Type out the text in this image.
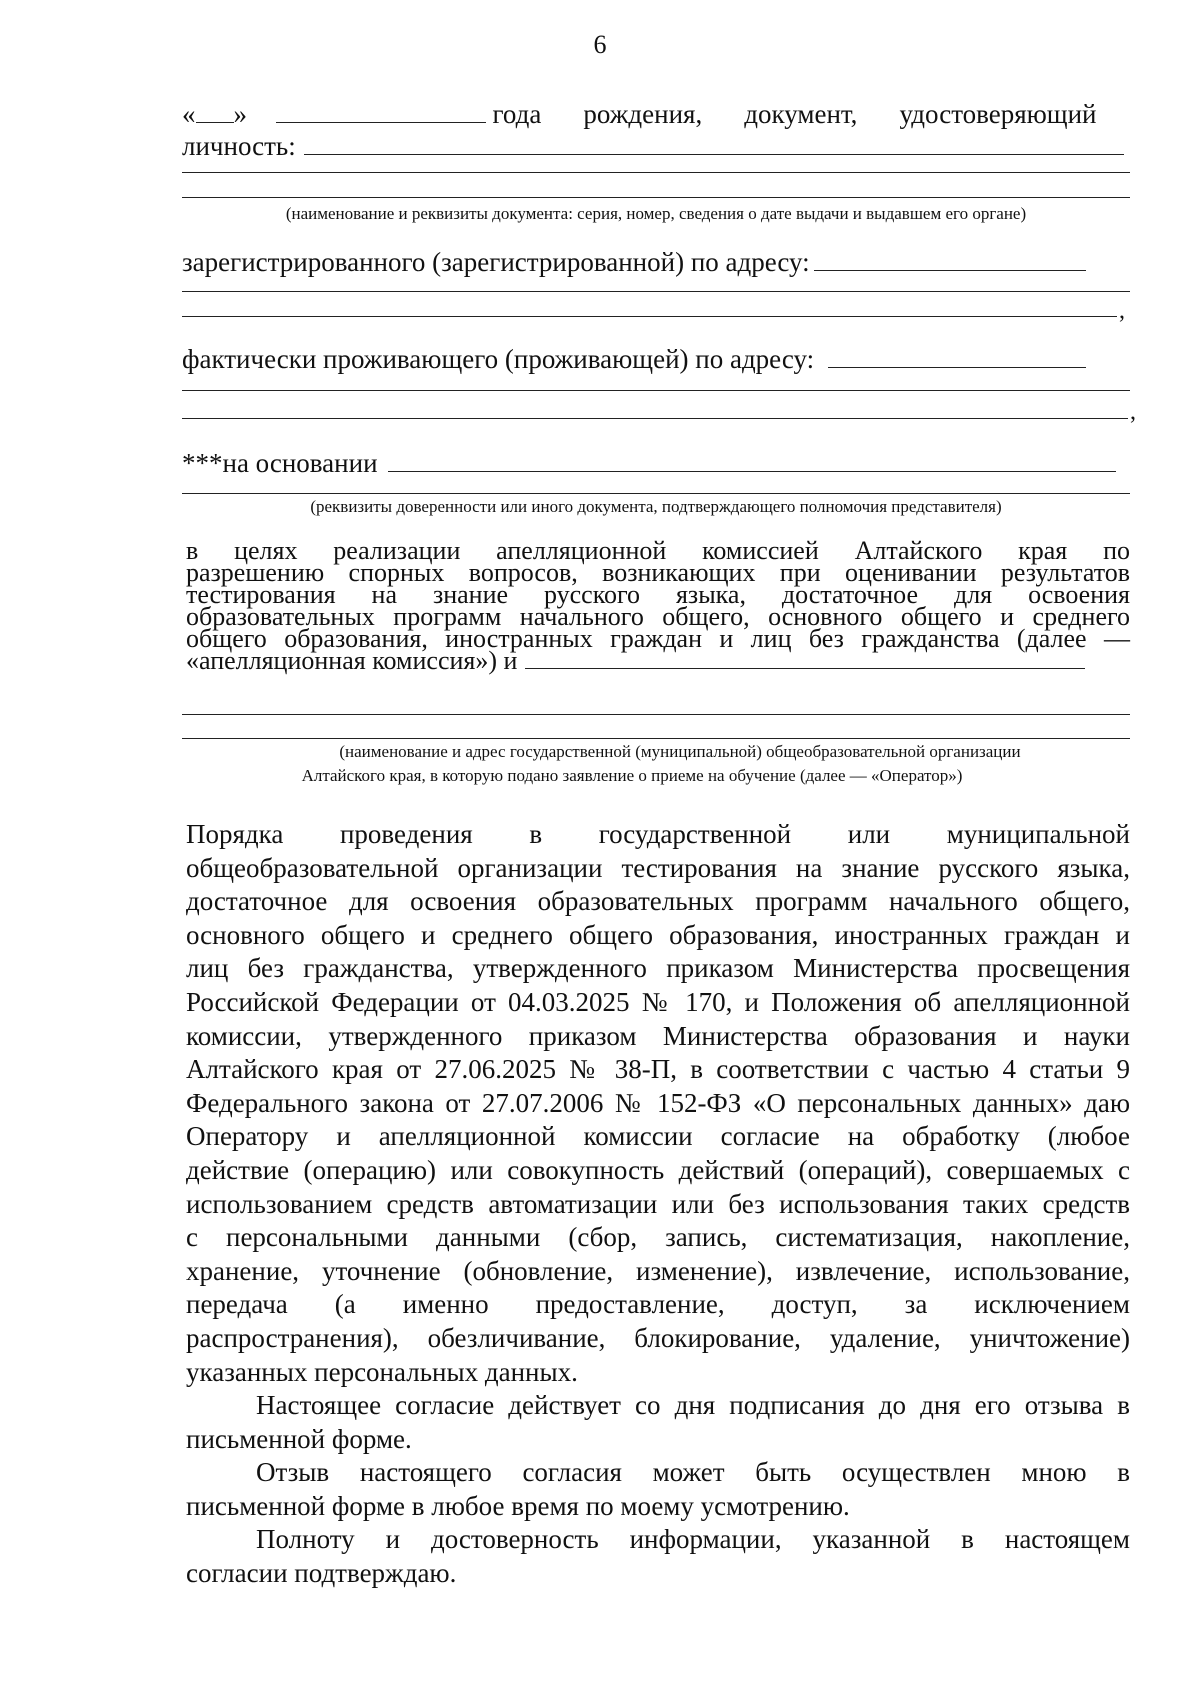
6
« »	года рождения, документ, удостоверяющий
личность:
(наименование и реквизиты документа: серия, номер, сведения о дате выдачи и выдавшем его органе)
зарегистрированного (зарегистрированной) по адресу:
,
фактически проживающего (проживающей) по адресу:
,
***на основании
(реквизиты доверенности или иного документа, подтверждающего полномочия представителя)
в целях реализации апелляционной комиссией Алтайского края по
разрешению спорных вопросов, возникающих при оценивании результатов
тестирования на знание русского языка, достаточное для освоения
образовательных программ начального общего, основного общего и среднего
общего образования, иностранных граждан и лиц без гражданства (далее —
«апелляционная комиссия») и
(наименование и адрес государственной (муниципальной) общеобразовательной организации
Алтайского края, в которую подано заявление о приеме на обучение (далее — «Оператор»)
Порядка проведения в государственной или муниципальной
общеобразовательной организации тестирования на знание русского языка,
достаточное для освоения образовательных программ начального общего,
основного общего и среднего общего образования, иностранных граждан и
лиц без гражданства, утвержденного приказом Министерства просвещения
Российской Федерации от 04.03.2025 № 170, и Положения об апелляционной
комиссии, утвержденного приказом Министерства образования и науки
Алтайского края от 27.06.2025 № 38-П, в соответствии с частью 4 статьи 9
Федерального закона от 27.07.2006 № 152-ФЗ «О персональных данных» даю
Оператору и апелляционной комиссии согласие на обработку (любое
действие (операцию) или совокупность действий (операций), совершаемых с
использованием средств автоматизации или без использования таких средств
с персональными данными (сбор, запись, систематизация, накопление,
хранение, уточнение (обновление, изменение), извлечение, использование,
передача (а именно предоставление, доступ, за исключением
распространения), обезличивание, блокирование, удаление, уничтожение)
указанных персональных данных.
Настоящее согласие действует со дня подписания до дня его отзыва в
письменной форме.
Отзыв настоящего согласия может быть осуществлен мною в
письменной форме в любое время по моему усмотрению.
Полноту и достоверность информации, указанной в настоящем
согласии подтверждаю.
